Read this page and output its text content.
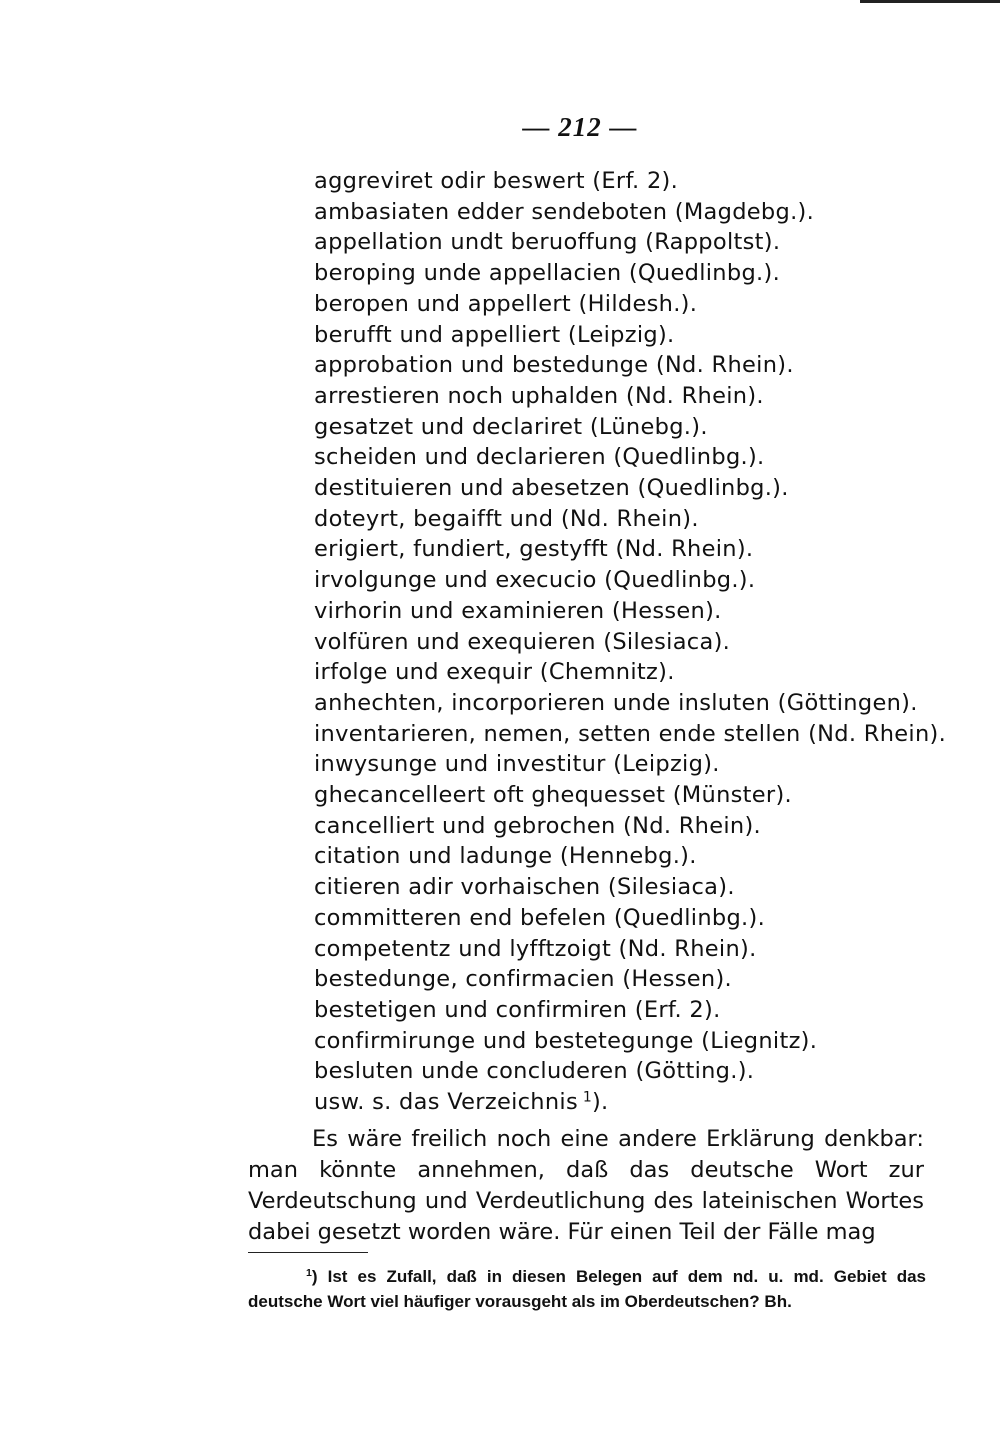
— 212 —
aggreviret odir beswert (Erf. 2).
ambasiaten edder sendeboten (Magdebg.).
appellation undt beruoffung (Rappoltst).
beroping unde appellacien (Quedlinbg.).
beropen und appellert (Hildesh.).
berufft und appelliert (Leipzig).
approbation und bestedunge (Nd. Rhein).
arrestieren noch uphalden (Nd. Rhein).
gesatzet und declariret (Lünebg.).
scheiden und declarieren (Quedlinbg.).
destituieren und abesetzen (Quedlinbg.).
doteyrt, begaifft und (Nd. Rhein).
erigiert, fundiert, gestyfft (Nd. Rhein).
irvolgunge und execucio (Quedlinbg.).
virhorin und examinieren (Hessen).
volfüren und exequieren (Silesiaca).
irfolge und exequir (Chemnitz).
anhechten, incorporieren unde insluten (Göttingen).
inventarieren, nemen, setten ende stellen (Nd. Rhein).
inwysunge und investitur (Leipzig).
ghecancelleert oft ghequesset (Münster).
cancelliert und gebrochen (Nd. Rhein).
citation und ladunge (Hennebg.).
citieren adir vorhaischen (Silesiaca).
committeren end befelen (Quedlinbg.).
competentz und lyfftzoigt (Nd. Rhein).
bestedunge, confirmacien (Hessen).
bestetigen und confirmiren (Erf. 2).
confirmirunge und bestetegunge (Liegnitz).
besluten unde concluderen (Götting.).
usw. s. das Verzeichnis  $^1$).

Es wäre freilich noch eine andere Erklärung denkbar: man könnte annehmen, daß das deutsche Wort zur Verdeutschung und Verdeutlichung des lateinischen Wortes dabei gesetzt worden wäre. Für einen Teil der Fälle mag

$^1$) Ist es Zufall, daß in diesen Belegen auf dem nd. u. md. Gebiet das deutsche Wort viel häufiger vorausgeht als im Oberdeutschen? Bh.
